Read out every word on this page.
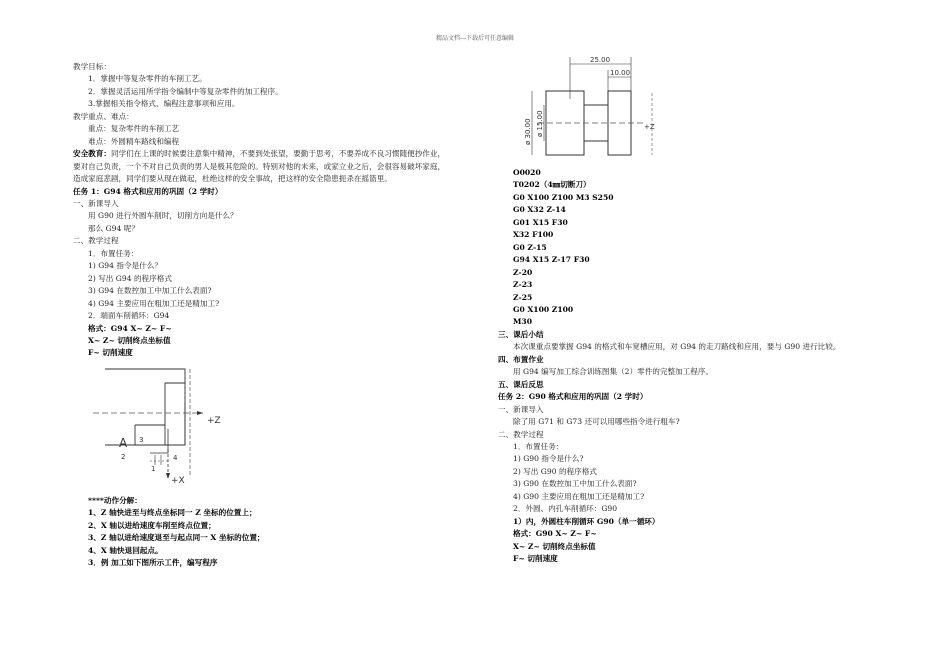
精品文档---下载后可任意编辑
教学目标：
1．掌握中等复杂零件的车削工艺。
2．掌握灵活运用所学指令编制中等复杂零件的加工程序。
3.掌握相关指令格式、编程注意事项和应用。
教学重点、难点：
重点：复杂零件的车削工艺
难点：外圆精车路线和编程
安全教育：同学们在上课的时候要注意集中精神，不要到处张望，要勤于思考，不要养成不良习惯随便抄作业，
要对自己负责，一个不对自己负责的男人是极其危险的。特别对他的未来，或家立业之后，会很容易破坏家庭，
造成家庭悲剧，同学们要从现在做起，杜绝这样的安全事故，把这样的安全隐患扼杀在摇篮里。
任务 1：G94 格式和应用的巩固（2 学时）
一、新课导入
用 G90 进行外圆车削时，切削方向是什么？
那么 G94 呢？
二、教学过程
1．布置任务：
1) G94 指令是什么？
2) 写出 G94 的程序格式
3) G94 在数控加工中加工什么表面?
4) G94 主要应用在粗加工还是精加工?
2．端面车削循环：G94
格式：G94 X~ Z~ F~
X~ Z~ 切削终点坐标值
F~ 切削速度
+Z
+X
A
2
3
4
1
****动作分解：
1、Z 轴快进至与终点坐标同一 Z 坐标的位置上；
2、X 轴以进给速度车削至终点位置；
3、Z 轴以进给速度退至与起点同一 X 坐标的位置；
4、X 轴快退回起点。
3．例 加工如下图所示工件，编写程序
25.00
10.00
+Z
ø 30.00 ø 15.00
O0020
T0202（4㎜切断刀）
G0 X100 Z100 M3 S250
G0 X32 Z-14
G01 X15 F30
X32 F100
G0 Z-15
G94 X15 Z-17 F30
Z-20
Z-23
Z-25
G0 X100 Z100
M30
三、课后小结
本次课重点要掌握 G94 的格式和车宽槽应用，对 G94 的走刀路线和应用，要与 G90 进行比较。
四、布置作业
用 G94 编写加工综合训练图集（2）零件的完整加工程序。
五、课后反思
任务 2：G90 格式和应用的巩固（2 学时）
一、新课导入
除了用 G71 和 G73 还可以用哪些指令进行粗车?
二、教学过程
1．布置任务：
1) G90 指令是什么?
2) 写出 G90 的程序格式
3) G90 在数控加工中加工什么表面?
4) G90 主要应用在粗加工还是精加工?
2．外圆、内孔车削循环：G90
1）内，外圆柱车削循环 G90（单一循环）
格式：G90 X~ Z~ F~
X~ Z~ 切削终点坐标值
F~ 切削速度
